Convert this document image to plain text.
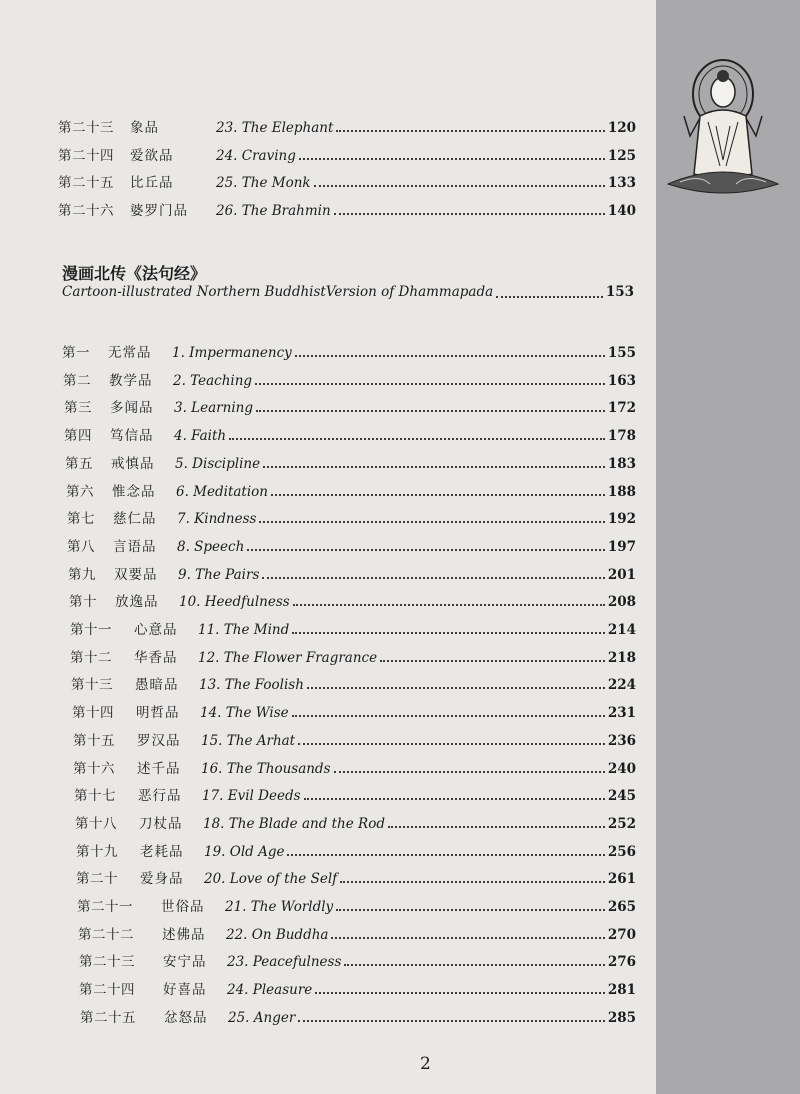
第二十三	象品	23. The Elephant	120
第二十四	爱欲品	24. Craving	125
第二十五	比丘品	25. The Monk	133
第二十六	婆罗门品	26. The Brahmin	140
漫画北传《法句经》
Cartoon-illustrated Northern BuddhistVersion of Dhammapada	153
第一	无常品	1. Impermanency	155
第二	教学品	2. Teaching	163
第三	多闻品	3. Learning	172
第四	笃信品	4. Faith	178
第五	戒慎品	5. Discipline	183
第六	惟念品	6. Meditation	188
第七	慈仁品	7. Kindness	192
第八	言语品	8. Speech	197
第九	双要品	9. The Pairs	201
第十	放逸品	10. Heedfulness	208
第十一	心意品	11. The Mind	214
第十二	华香品	12. The Flower Fragrance	218
第十三	愚暗品	13. The Foolish	224
第十四	明哲品	14. The Wise	231
第十五	罗汉品	15. The Arhat	236
第十六	述千品	16. The Thousands	240
第十七	恶行品	17. Evil Deeds	245
第十八	刀杖品	18. The Blade and the Rod	252
第十九	老耗品	19. Old Age	256
第二十	爱身品	20. Love of the Self	261
第二十一	世俗品	21. The Worldly	265
第二十二	述佛品	22. On Buddha	270
第二十三	安宁品	23. Peacefulness	276
第二十四	好喜品	24. Pleasure	281
第二十五	忿怒品	25. Anger	285
2
